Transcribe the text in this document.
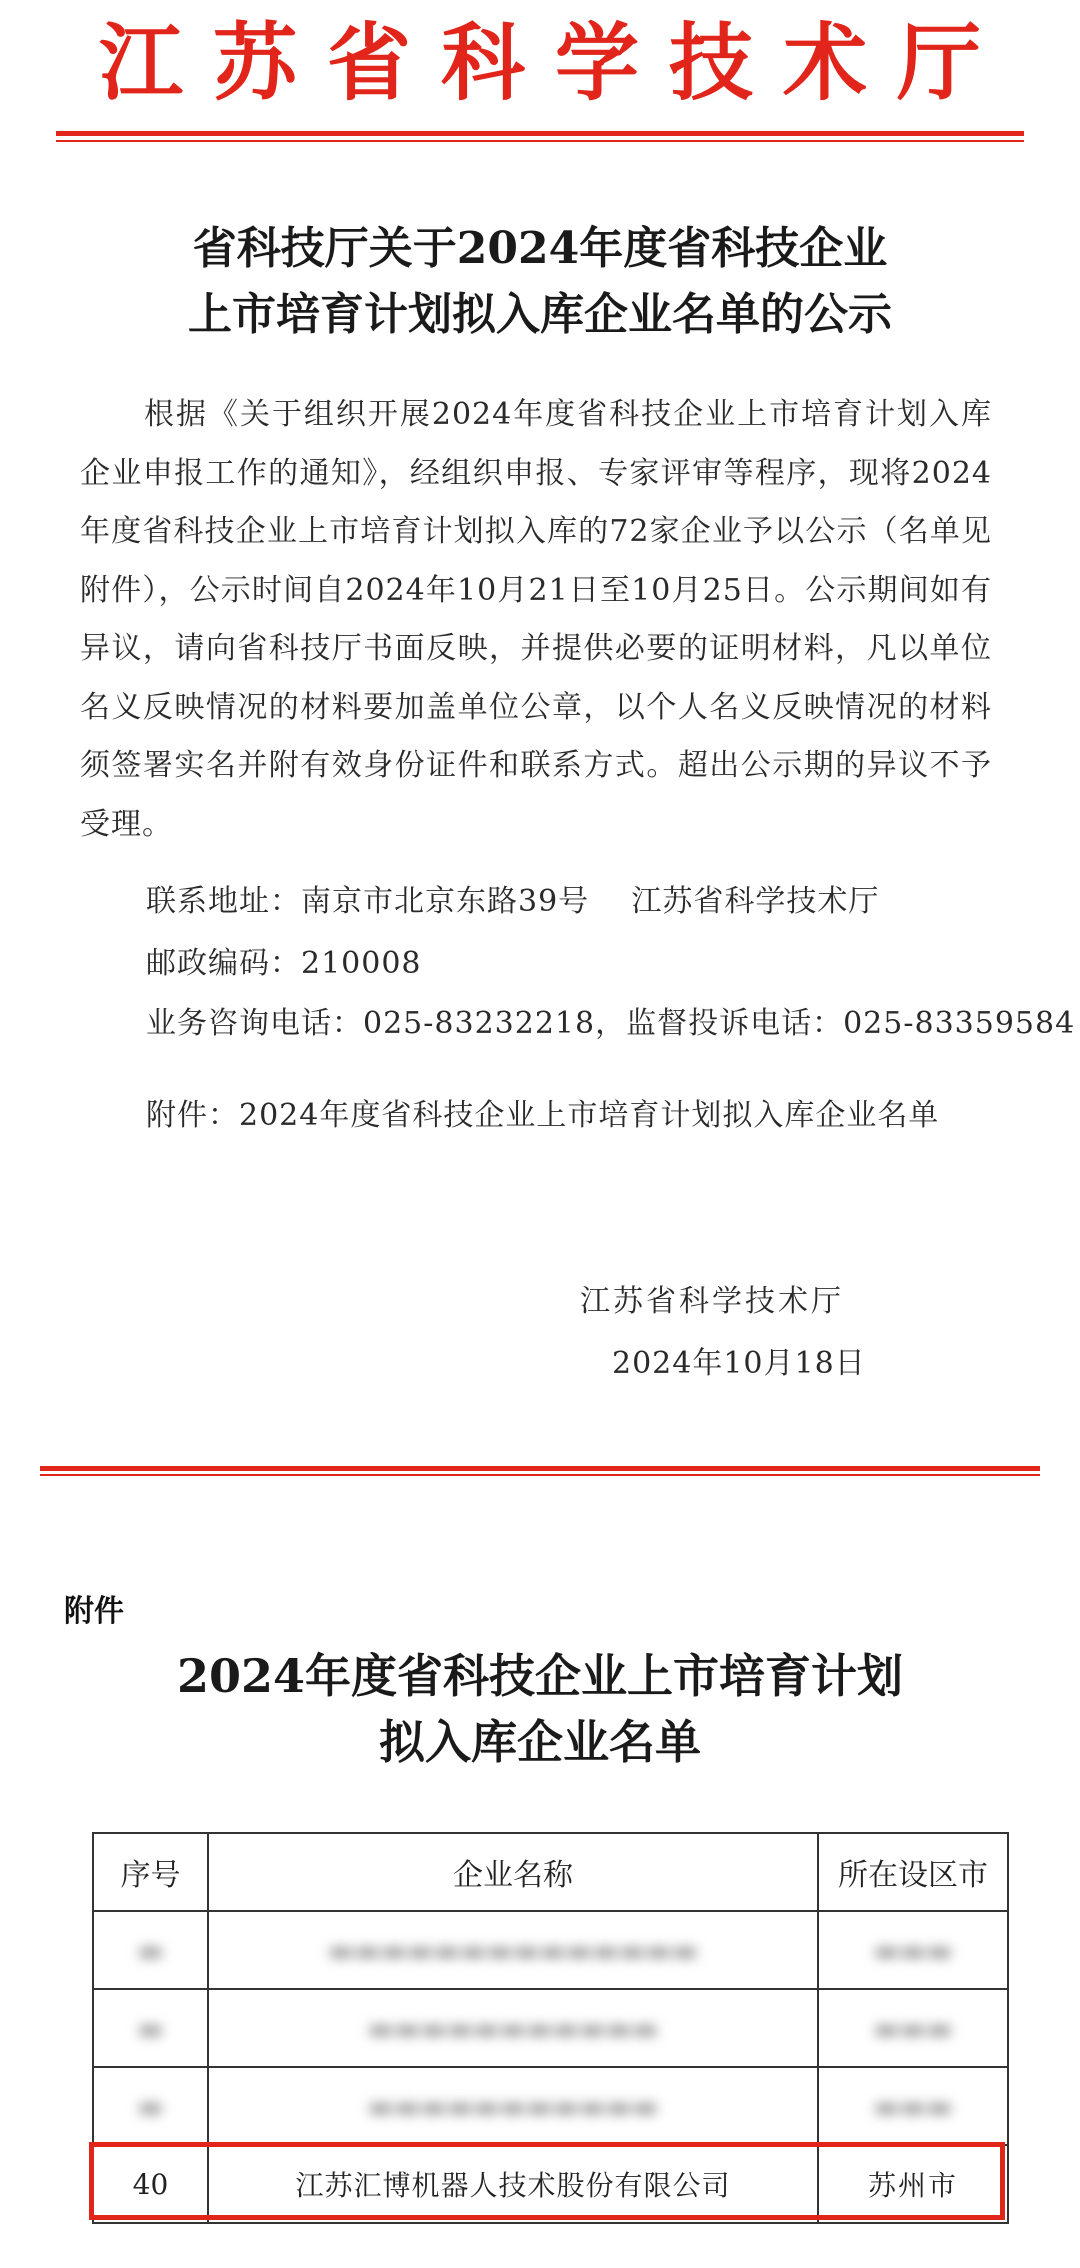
江苏省科学技术厅
省科技厅关于2024年度省科技企业
上市培育计划拟入库企业名单的公示
根据《关于组织开展2024年度省科技企业上市培育计划入库企业申报工作的通知》，经组织申报、专家评审等程序，现将2024年度省科技企业上市培育计划拟入库的72家企业予以公示（名单见附件），公示时间自2024年10月21日至10月25日。公示期间如有异议，请向省科技厅书面反映，并提供必要的证明材料，凡以单位名义反映情况的材料要加盖单位公章，以个人名义反映情况的材料须签署实名并附有效身份证件和联系方式。超出公示期的异议不予受理。
联系地址：南京市北京东路39号    江苏省科学技术厅
邮政编码：210008
业务咨询电话：025-83232218，监督投诉电话：025-83359584
附件：2024年度省科技企业上市培育计划拟入库企业名单
江苏省科学技术厅
2024年10月18日
附件
2024年度省科技企业上市培育计划
拟入库企业名单
序号	企业名称	所在设区市
▬	▬▬▬▬▬▬▬▬▬▬▬▬▬▬	▬▬▬
▬	▬▬▬▬▬▬▬▬▬▬▬	▬▬▬
▬	▬▬▬▬▬▬▬▬▬▬▬	▬▬▬
40	江苏汇博机器人技术股份有限公司	苏州市
